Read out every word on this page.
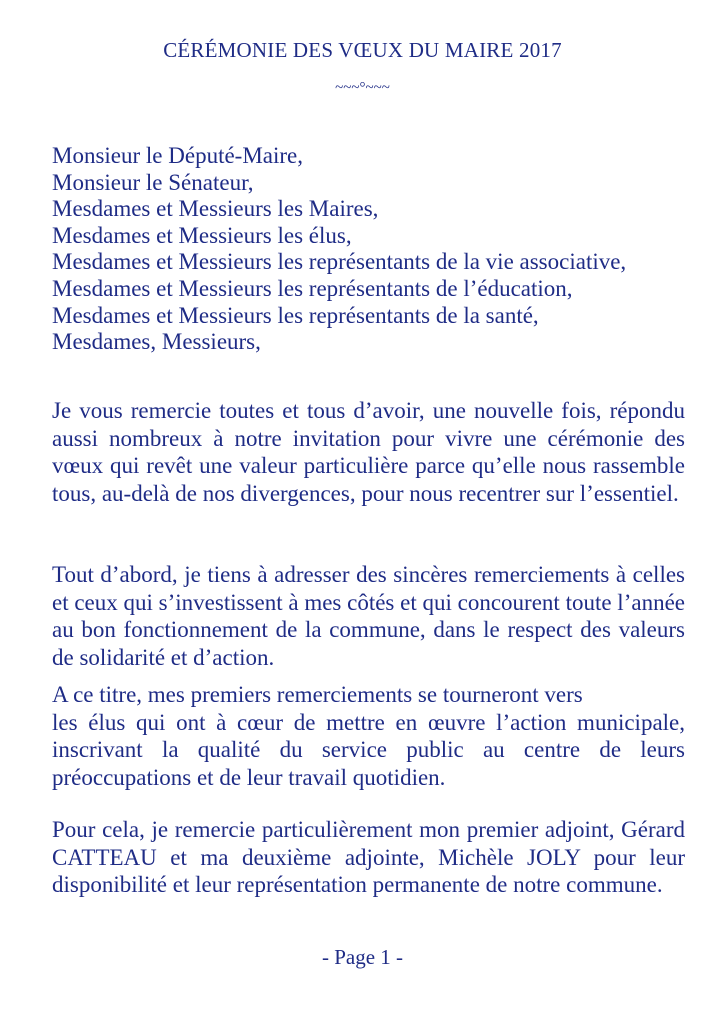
CÉRÉMONIE DES VŒUX DU MAIRE 2017
~~~°~~~
Monsieur le Député-Maire,
Monsieur le Sénateur,
Mesdames et Messieurs les Maires,
Mesdames et Messieurs les élus,
Mesdames et Messieurs les représentants de la vie associative,
Mesdames et Messieurs les représentants de l’éducation,
Mesdames et Messieurs les représentants de la santé,
Mesdames, Messieurs,

Je vous remercie toutes et tous d’avoir, une nouvelle fois, répondu aussi nombreux à notre invitation pour vivre une cérémonie des vœux qui revêt une valeur particulière parce qu’elle nous rassemble tous, au-delà de nos divergences, pour nous recentrer sur l’essentiel.

Tout d’abord, je tiens à adresser des sincères remerciements à celles et ceux qui s’investissent à mes côtés et qui concourent toute l’année au bon fonctionnement de la commune, dans le respect des valeurs de solidarité et d’action.

A ce titre, mes premiers remerciements se tourneront vers
les élus qui ont à cœur de mettre en œuvre l’action municipale, inscrivant la qualité du service public au centre de leurs préoccupations et de leur travail quotidien.

Pour cela, je remercie particulièrement mon premier adjoint, Gérard CATTEAU et ma deuxième adjointe, Michèle JOLY pour leur disponibilité et leur représentation permanente de notre commune.

- Page 1 -
